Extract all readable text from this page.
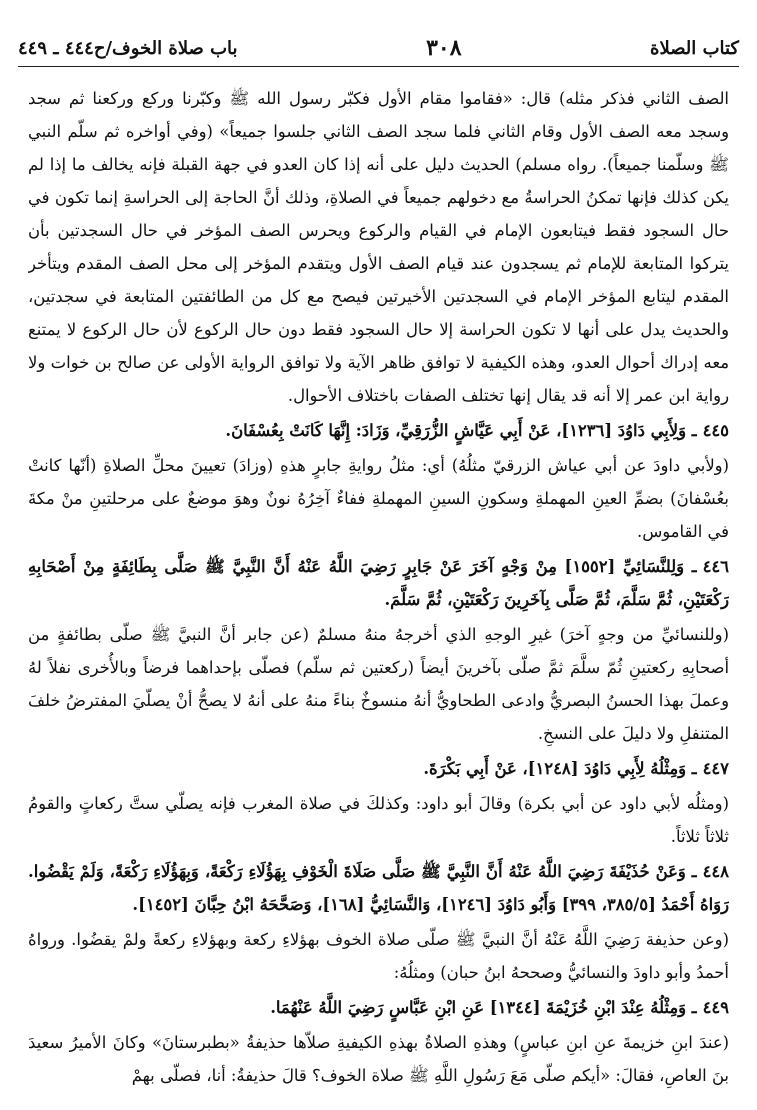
كتاب الصلاة
٣٠٨
باب صلاة الخوف/ح٤٤٤ ـ ٤٤٩

الصف الثاني فذكر مثله) قال: «فقاموا مقام الأول فكبّر رسول الله ﷺ وكبّرنا وركع وركعنا ثم سجد وسجد معه الصف الأول وقام الثاني فلما سجد الصف الثاني جلسوا جميعاً» (وفي أواخره ثم سلّم النبي ﷺ وسلّمنا جميعاً). رواه مسلم) الحديث دليل على أنه إذا كان العدو في جهة القبلة فإنه يخالف ما إذا لم يكن كذلك فإنها تمكنُ الحراسةُ مع دخولهم جميعاً في الصلاةِ، وذلك أنَّ الحاجة إلى الحراسةِ إنما تكون في حال السجود فقط فيتابعون الإمام في القيام والركوع ويحرس الصف المؤخر في حال السجدتين بأن يتركوا المتابعة للإمام ثم يسجدون عند قيام الصف الأول ويتقدم المؤخر إلى محل الصف المقدم ويتأخر المقدم ليتابع المؤخر الإمام في السجدتين الأخيرتين فيصح مع كل من الطائفتين المتابعة في سجدتين، والحديث يدل على أنها لا تكون الحراسة إلا حال السجود فقط دون حال الركوع لأن حال الركوع لا يمتنع معه إدراك أحوال العدو، وهذه الكيفية لا توافق ظاهر الآية ولا توافق الرواية الأولى عن صالح بن خوات ولا رواية ابن عمر إلا أنه قد يقال إنها تختلف الصفات باختلاف الأحوال.

٤٤٥ـ وَلِأَبِي دَاوُدَ [١٢٣٦]، عَنْ أَبِي عَيَّاشٍ الزُّرَقِيِّ، وَزَادَ: إِنَّهَا كَانَتْ بِعُسْفَانَ.

(ولأبي داودَ عن أبي عياش الزرقيّ مثلُهُ) أي: مثلُ روايةِ جابرٍ هذهِ (وزادَ) تعيينَ محلِّ الصلاةِ (أنّها كانتْ بعُسْفانَ) بضمِّ العينِ المهملةِ وسكونِ السينِ المهملةِ ففاءٌ آخِرُهُ نونٌ وهوَ موضعٌ على مرحلتينِ منْ مكةَ في القاموس.

٤٤٦ـ وَلِلنَّسَائِيِّ [١٥٥٢] مِنْ وَجْهٍ آخَرَ عَنْ جَابِرٍ رَضِيَ اللَّهُ عَنْهُ أَنَّ النَّبِيَّ ﷺ صَلَّى بِطَائِفَةٍ مِنْ أَصْحَابِهِ رَكْعَتَيْنِ، ثُمَّ سَلَّمَ، ثُمَّ صَلَّى بِآخَرِينَ رَكْعَتَيْنِ، ثُمَّ سَلَّمَ.

(وللنسائيِّ من وجهٍ آخرَ) غيرِ الوجهِ الذي أخرجهُ منهُ مسلمٌ (عن جابر أنَّ النبيَّ ﷺ صلّى بطائفةٍ من أصحابِهِ ركعتينِ ثُمّ سلَّمَ ثمَّ صلّى بآخرينَ أيضاً (ركعتين ثم سلّم) فصلّى بإحداهما فرضاً وبالأُخرى نفلاً لهُ وعملَ بهذا الحسنُ البصريُّ وادعى الطحاويُّ أنهُ منسوخٌ بناءً منهُ على أنهُ لا يصحُّ أنْ يصلّيَ المفترضُ خلفَ المتنفلِ ولا دليلَ على النسخِ.

٤٤٧ـ وَمِثْلُهُ لِأَبِي دَاوُدَ [١٢٤٨]، عَنْ أَبِي بَكْرَةَ.

(ومثلُه لأبي داود عن أبي بكرة) وقالَ أبو داود: وكذلكَ في صلاة المغرب فإنه يصلّي ستَّ ركعاتٍ والقومُ ثلاثاً ثلاثاً.

٤٤٨ـ وَعَنْ حُذَيْفَةَ رَضِيَ اللَّهُ عَنْهُ أَنَّ النَّبِيَّ ﷺ صَلَّى صَلَاةَ الْخَوْفِ بِهَؤُلَاءِ رَكْعَةً، وَبِهَؤُلَاءِ رَكْعَةً، وَلَمْ يَقْضُوا. رَوَاهُ أَحْمَدُ [٣٨٥/٥، ٣٩٩] وَأَبُو دَاوُدَ [١٢٤٦]، وَالنَّسَائِيُّ [١٦٨]، وَصَحَّحَهُ ابْنُ حِبَّانَ [١٤٥٢].

(وعن حذيفة رَضِيَ اللَّهُ عَنْهُ أنَّ النبيَّ ﷺ صلّى صلاة الخوف بهؤلاءِ ركعة وبهؤلاءِ ركعةً ولمْ يقضُوا. ورواهُ أحمدُ وأبو داودَ والنسائيُّ وصححهُ ابنُ حبان) ومثلُهُ:

٤٤٩ـ وَمِثْلُهُ عِنْدَ ابْنِ خُزَيْمَةَ [١٣٤٤] عَنِ ابْنِ عَبَّاسٍ رَضِيَ اللَّهُ عَنْهُمَا.

(عندَ ابنِ خزيمةَ عنِ ابنِ عباسٍ) وهذهِ الصلاةُ بهذهِ الكيفيةِ صلاّها حذيفةُ «بطبرستانَ» وكانَ الأميرُ سعيدَ بنَ العاصِ، فقالَ: «أيكم صلّى مَعَ رَسُولِ اللَّهِ ﷺ صلاة الخوف؟ قالَ حذيفةُ: أنا، فصلّى بهمْ
